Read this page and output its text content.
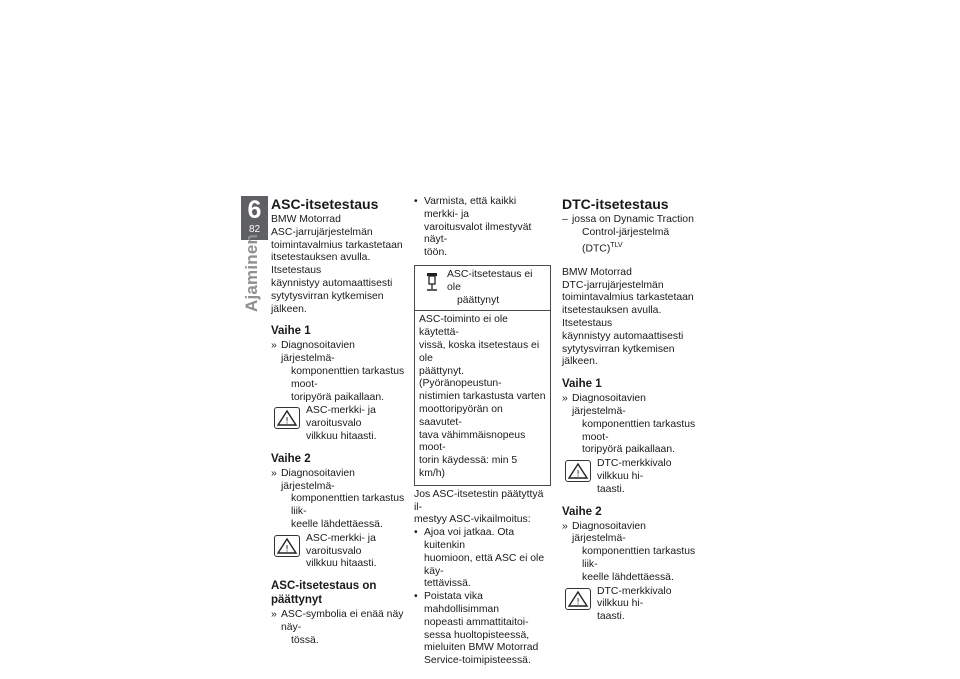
6
82
Ajaminen
ASC-itsetestaus

BMW Motorrad

ASC-jarrujärjestelmän

toimintavalmius tarkastetaan

itsetestauksen avulla. Itsetestaus

käynnistyy automaattisesti

sytytysvirran kytkemisen jälkeen.

Vaihe 1
» Diagnosoitavien järjestelmä-

komponenttien tarkastus moot-

toripyörä paikallaan.

!

ASC-merkki- ja varoitusvalo

vilkkuu hitaasti.

Vaihe 2
» Diagnosoitavien järjestelmä-

komponenttien tarkastus liik-

keelle lähdettäessä.

!

ASC-merkki- ja varoitusvalo

vilkkuu hitaasti.

ASC-itsetestaus on päättynyt
» ASC-symbolia ei enää näy näy-

tössä.

• Varmista, että kaikki merkki- ja

varoitusvalot ilmestyvät näyt-

töön.

ASC-itsetestaus ei ole

päättynyt

ASC-toiminto ei ole käytettä-

vissä, koska itsetestaus ei ole

päättynyt. (Pyöränopeustun-

nistimien tarkastusta varten

moottoripyörän on saavutet-

tava vähimmäisnopeus moot-

torin käydessä: min 5 km/h)

Jos ASC-itsetestin päätyttyä il-

mestyy ASC-vikailmoitus:

• Ajoa voi jatkaa. Ota kuitenkin

huomioon, että ASC ei ole käy-

tettävissä.

• Poistata vika mahdollisimman

nopeasti ammattitaitoi-

sessa huoltopisteessä,

mieluiten BMW Motorrad

Service-toimipisteessä.

DTC-itsetestaus
– jossa on Dynamic Traction

Control-järjestelmä (DTC)$^{TLV}$

BMW Motorrad

DTC-jarrujärjestelmän

toimintavalmius tarkastetaan

itsetestauksen avulla. Itsetestaus

käynnistyy automaattisesti

sytytysvirran kytkemisen jälkeen.

Vaihe 1
» Diagnosoitavien järjestelmä-

komponenttien tarkastus moot-

toripyörä paikallaan.

!

DTC-merkkivalo vilkkuu hi-

taasti.

Vaihe 2
» Diagnosoitavien järjestelmä-

komponenttien tarkastus liik-

keelle lähdettäessä.

!

DTC-merkkivalo vilkkuu hi-

taasti.
